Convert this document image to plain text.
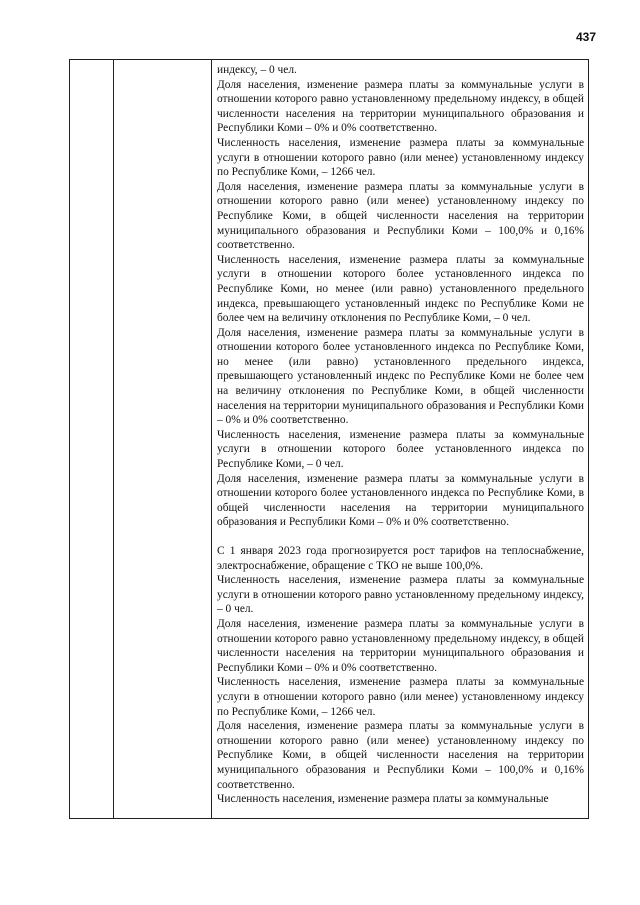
437

индексу, – 0 чел.

Доля населения, изменение размера платы за коммунальные услуги в отношении которого равно установленному предельному индексу, в общей численности населения на территории муниципального образования и Республики Коми – 0% и 0% соответственно.

Численность населения, изменение размера платы за коммунальные услуги в отношении которого равно (или менее) установленному индексу по Республике Коми, – 1266 чел.

Доля населения, изменение размера платы за коммунальные услуги в отношении которого равно (или менее) установленному индексу по Республике Коми, в общей численности населения на территории муниципального образования и Республики Коми – 100,0% и 0,16% соответственно.

Численность населения, изменение размера платы за коммунальные услуги в отношении которого более установленного индекса по Республике Коми, но менее (или равно) установленного предельного индекса, превышающего установленный индекс по Республике Коми не более чем на величину отклонения по Республике Коми, – 0 чел.

Доля населения, изменение размера платы за коммунальные услуги в отношении которого более установленного индекса по Республике Коми, но менее (или равно) установленного предельного индекса, превышающего установленный индекс по Республике Коми не более чем на величину отклонения по Республике Коми, в общей численности населения на территории муниципального образования и Республики Коми – 0% и 0% соответственно.

Численность населения, изменение размера платы за коммунальные услуги в отношении которого более установленного индекса по Республике Коми, – 0 чел.

Доля населения, изменение размера платы за коммунальные услуги в отношении которого более установленного индекса по Республике Коми, в общей численности населения на территории муниципального образования и Республики Коми – 0% и 0% соответственно.

С 1 января 2023 года прогнозируется рост тарифов на теплоснабжение, электроснабжение, обращение с ТКО не выше 100,0%.

Численность населения, изменение размера платы за коммунальные услуги в отношении которого равно установленному предельному индексу, – 0 чел.

Доля населения, изменение размера платы за коммунальные услуги в отношении которого равно установленному предельному индексу, в общей численности населения на территории муниципального образования и Республики Коми – 0% и 0% соответственно.

Численность населения, изменение размера платы за коммунальные услуги в отношении которого равно (или менее) установленному индексу по Республике Коми, – 1266 чел.

Доля населения, изменение размера платы за коммунальные услуги в отношении которого равно (или менее) установленному индексу по Республике Коми, в общей численности населения на территории муниципального образования и Республики Коми – 100,0% и 0,16% соответственно.

Численность населения, изменение размера платы за коммунальные
